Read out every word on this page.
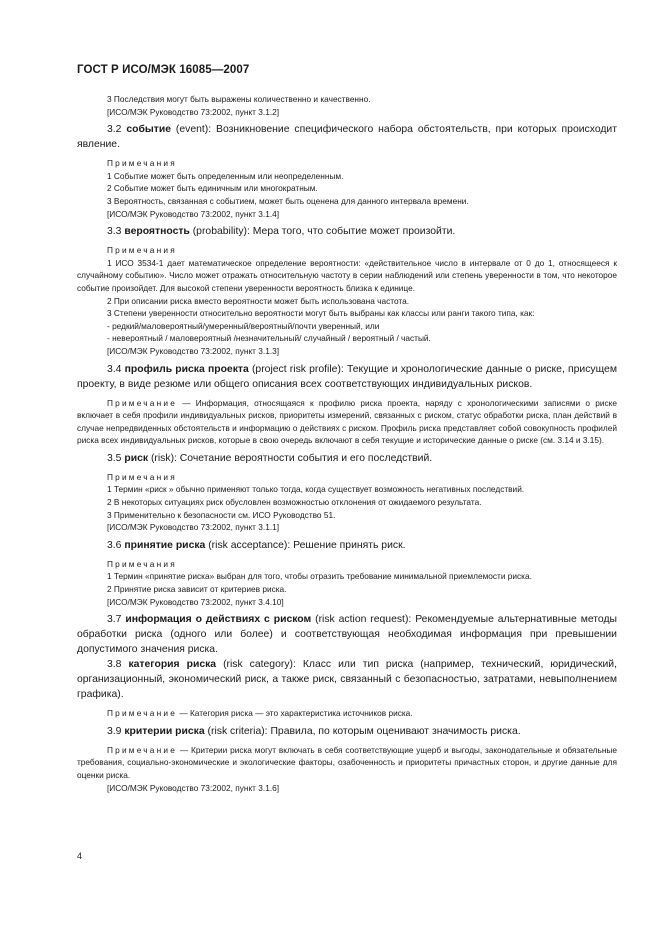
ГОСТ Р ИСО/МЭК 16085—2007
3 Последствия могут быть выражены количественно и качественно.
[ИСО/МЭК Руководство 73:2002, пункт 3.1.2]
3.2 событие (event): Возникновение специфического набора обстоятельств, при которых происходит явление.
Примечания
1 Событие может быть определенным или неопределенным.
2 Событие может быть единичным или многократным.
3 Вероятность, связанная с событием, может быть оценена для данного интервала времени.
[ИСО/МЭК Руководство 73:2002, пункт 3.1.4]
3.3 вероятность (probability): Мера того, что событие может произойти.
Примечания
1 ИСО 3534-1 дает математическое определение вероятности: «действительное число в интервале от 0 до 1, относящееся к случайному событию». Число может отражать относительную частоту в серии наблюдений или степень уверенности в том, что некоторое событие произойдет. Для высокой степени уверенности вероятность близка к единице.
2 При описании риска вместо вероятности может быть использована частота.
3 Степени уверенности относительно вероятности могут быть выбраны как классы или ранги такого типа, как:
- редкий/маловероятный/умеренный/вероятный/почти уверенный, или
- невероятный / маловероятный /незначительный/ случайный / вероятный / частый.
[ИСО/МЭК Руководство 73:2002, пункт 3.1.3]
3.4 профиль риска проекта (project risk profile): Текущие и хронологические данные о риске, присущем проекту, в виде резюме или общего описания всех соответствующих индивидуальных рисков.
Примечание — Информация, относящаяся к профилю риска проекта, наряду с хронологическими записями о риске включает в себя профили индивидуальных рисков, приоритеты измерений, связанных с риском, статус обработки риска, план действий в случае непредвиденных обстоятельств и информацию о действиях с риском. Профиль риска представляет собой совокупность профилей риска всех индивидуальных рисков, которые в свою очередь включают в себя текущие и исторические данные о риске (см. 3.14 и 3.15).
3.5 риск (risk): Сочетание вероятности события и его последствий.
Примечания
1 Термин «риск » обычно применяют только тогда, когда существует возможность негативных последствий.
2 В некоторых ситуациях риск обусловлен возможностью отклонения от ожидаемого результата.
3 Применительно к безопасности см. ИСО Руководство 51.
[ИСО/МЭК Руководство 73:2002, пункт 3.1.1]
3.6 принятие риска (risk acceptance): Решение принять риск.
Примечания
1 Термин «принятие риска» выбран для того, чтобы отразить требование минимальной приемлемости риска.
2 Принятие риска зависит от критериев риска.
[ИСО/МЭК Руководство 73:2002, пункт 3.4.10]
3.7 информация о действиях с риском (risk action request): Рекомендуемые альтернативные методы обработки риска (одного или более) и соответствующая необходимая информация при превышении допустимого значения риска.
3.8 категория риска (risk category): Класс или тип риска (например, технический, юридический, организационный, экономический риск, а также риск, связанный с безопасностью, затратами, невыполнением графика).
Примечание — Категория риска — это характеристика источников риска.
3.9 критерии риска (risk criteria): Правила, по которым оценивают значимость риска.
Примечание — Критерии риска могут включать в себя соответствующие ущерб и выгоды, законодательные и обязательные требования, социально-экономические и экологические факторы, озабоченность и приоритеты причастных сторон, и другие данные для оценки риска.
[ИСО/МЭК Руководство 73:2002, пункт 3.1.6]
4
